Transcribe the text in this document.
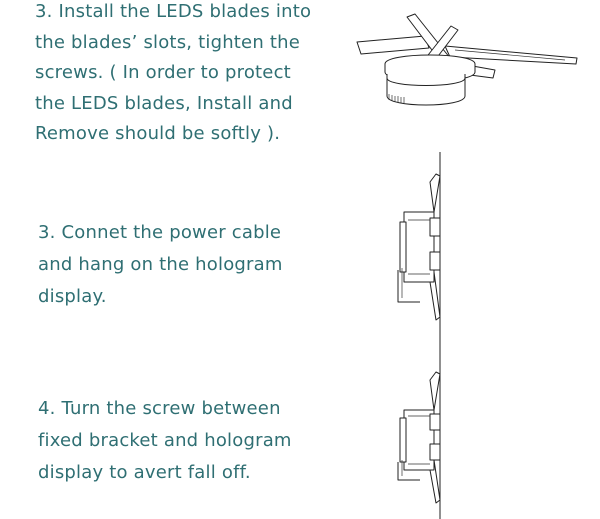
3. Install the LEDS blades into
the blades’ slots, tighten the
screws. ( In order to protect
the LEDS blades, Install and
Remove should be softly ).
3. Connet the power cable
and hang on the hologram
display.
4. Turn the screw between
fixed bracket and hologram
display to avert fall off.
